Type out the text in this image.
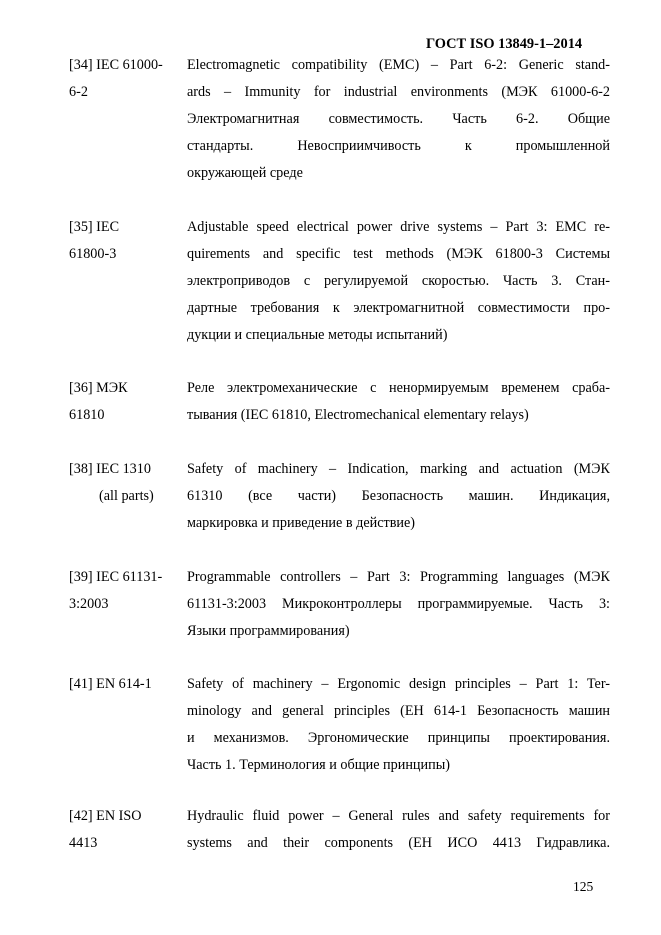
ГОСТ ISO 13849-1–2014
[34] IEC 61000-
6-2
Electromagnetic compatibility (EMC) – Part 6-2: Generic stand-
ards – Immunity for industrial environments (МЭК 61000-6-2
Электромагнитная совместимость. Часть 6-2. Общие
стандарты. Невосприимчивость к промышленной
окружающей среде
[35] IEC
61800-3
Adjustable speed electrical power drive systems – Part 3: EMC re-
quirements and specific test methods (МЭК 61800-3 Системы
электроприводов с регулируемой скоростью. Часть 3. Стан-
дартные требования к электромагнитной совместимости про-
дукции и специальные методы испытаний)
[36] МЭК
61810
Реле электромеханические с ненормируемым временем сраба-
тывания (IEC 61810, Electromechanical elementary relays)
[38] IEC 1310
(all parts)
Safety of machinery – Indication, marking and actuation (МЭК
61310 (все части) Безопасность машин. Индикация,
маркировка и приведение в действие)
[39] IEC 61131-
3:2003
Programmable controllers – Part 3: Programming languages (МЭК
61131-3:2003 Микроконтроллеры программируемые. Часть 3:
Языки программирования)
[41] EN 614-1	Safety of machinery – Ergonomic design principles – Part 1: Ter-
minology and general principles (ЕН 614-1 Безопасность машин
и механизмов. Эргономические принципы проектирования.
Часть 1. Терминология и общие принципы)
[42] EN ISO
4413
Hydraulic fluid power – General rules and safety requirements for
systems and their components (ЕН ИСО 4413 Гидравлика.
125
